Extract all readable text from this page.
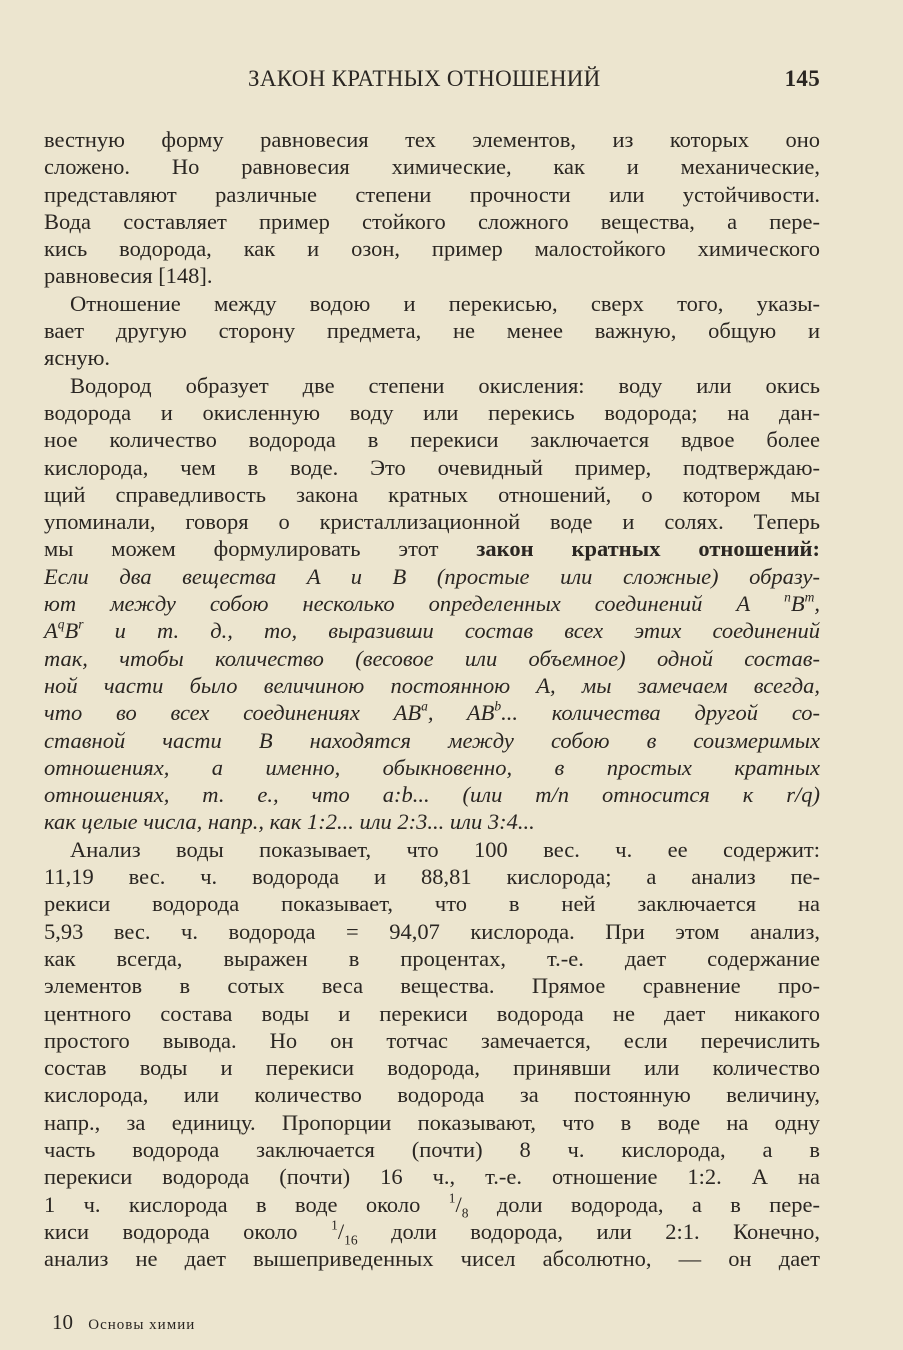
ЗАКОН КРАТНЫХ ОТНОШЕНИЙ	145
вестную форму равновесия тех элементов, из которых оно
сложено. Но равновесия химические, как и механические,
представляют различные степени прочности или устойчивости.
Вода составляет пример стойкого сложного вещества, а пере-
кись водорода, как и озон, пример малостойкого химического
равновесия [148].
Отношение между водою и перекисью, сверх того, указы-
вает другую сторону предмета, не менее важную, общую и
ясную.
Водород образует две степени окисления: воду или окись
водорода и окисленную воду или перекись водорода; на дан-
ное количество водорода в перекиси заключается вдвое более
кислорода, чем в воде. Это очевидный пример, подтверждаю-
щий справедливость закона кратных отношений, о котором мы
упоминали, говоря о кристаллизационной воде и солях. Теперь
мы можем формулировать этот закон кратных отношений:
Если два вещества A и B (простые или сложные) образу-
ют между собою несколько определенных соединений A	$^nB^m$,
$A^qB^r$ и т. д., то, выразивши состав всех этих соединений
так, чтобы количество (весовое или объемное) одной состав-
ной части было величиною постоянною A, мы замечаем всегда,
что во всех соединениях $AB^a$, $AB^b$... количества другой со-
ставной части B находятся между собою в соизмеримых
отношениях, а именно, обыкновенно, в простых кратных
отношениях, т. е., что a:b... (или m/n относится к r/q)
как целые числа, напр., как 1:2... или 2:3... или 3:4...
Анализ воды показывает, что 100 вес. ч. ее содержит:
11,19 вес. ч. водорода и 88,81 кислорода; а анализ пе-
рекиси водорода показывает, что в ней заключается на
5,93 вес. ч. водорода = 94,07 кислорода. При этом анализ,
как всегда, выражен в процентах, т.-е. дает содержание
элементов в сотых веса вещества. Прямое сравнение про-
центного состава воды и перекиси водорода не дает никакого
простого вывода. Но он тотчас замечается, если перечислить
состав воды и перекиси водорода, принявши или количество
кислорода, или количество водорода за постоянную величину,
напр., за единицу. Пропорции показывают, что в воде на одну
часть водорода заключается (почти) 8 ч. кислорода, а в
перекиси водорода (почти) 16 ч., т.-е. отношение 1:2. А на
1 ч. кислорода в воде около $^1/_8$ доли водорода, а в пере-
киси водорода около $^1/_{16}$ доли водорода, или 2:1. Конечно,
анализ не дает вышеприведенных чисел абсолютно, — он дает
10 Основы химии
